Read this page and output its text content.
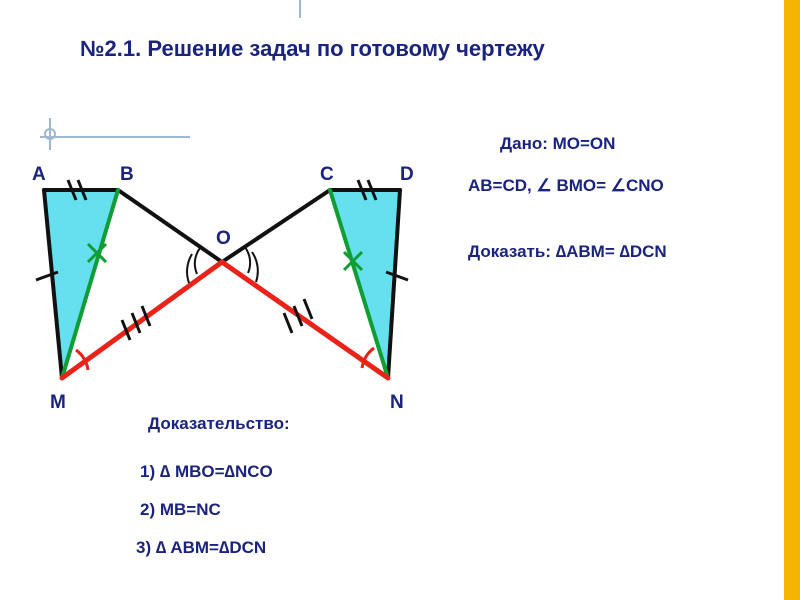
№2.1. Решение задач по готовому чертежу
A	B	C	D
O
M	N
Дано: MO=ON
AB=CD, ∠ BMO= ∠CNO
Доказать: ∆ABM= ∆DCN
Доказательство:
1) ∆ MBO=∆NCO
2) MB=NC
3) ∆ ABM=∆DCN
